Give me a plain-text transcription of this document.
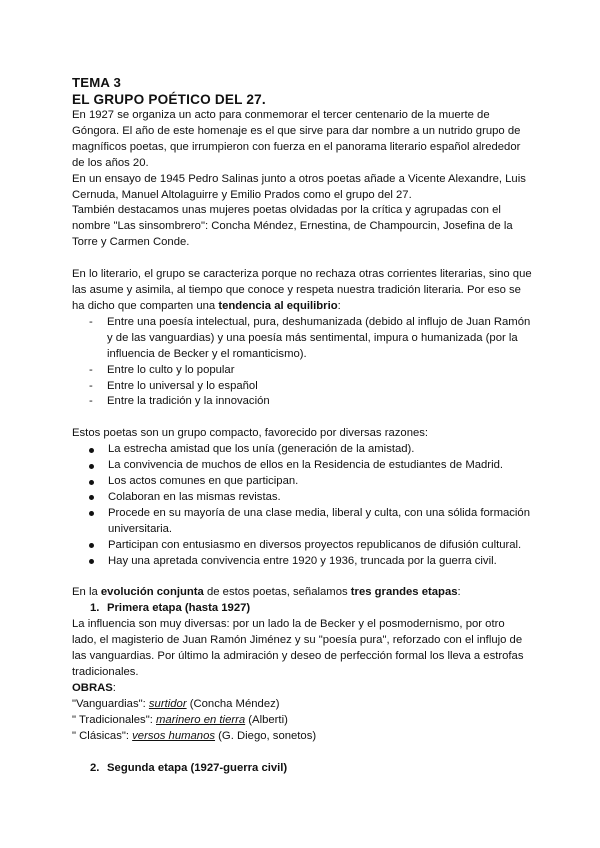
TEMA 3
EL GRUPO POÉTICO DEL 27.

En 1927 se organiza un acto para conmemorar el tercer centenario de la muerte de Góngora. El año de este homenaje es el que sirve para dar nombre a un nutrido grupo de magníficos poetas, que irrumpieron con fuerza en el panorama literario español alrededor de los años 20.

En un ensayo de 1945 Pedro Salinas junto a otros poetas añade a Vicente Alexandre, Luis Cernuda, Manuel Altolaguirre y Emilio Prados como el grupo del 27.

También destacamos unas mujeres poetas olvidadas por la crítica y agrupadas con el nombre "Las sinsombrero": Concha Méndez, Ernestina, de Champourcin, Josefina de la Torre y Carmen Conde.

En lo literario, el grupo se caracteriza porque no rechaza otras corrientes literarias, sino que las asume y asimila, al tiempo que conoce y respeta nuestra tradición literaria. Por eso se ha dicho que comparten una tendencia al equilibrio:

- Entre una poesía intelectual, pura, deshumanizada (debido al influjo de Juan Ramón y de las vanguardias) y una poesía más sentimental, impura o humanizada (por la influencia de Becker y el romanticismo).
- Entre lo culto y lo popular
- Entre lo universal y lo español
- Entre la tradición y la innovación

Estos poetas son un grupo compacto, favorecido por diversas razones:

La estrecha amistad que los unía (generación de la amistad).
La convivencia de muchos de ellos en la Residencia de estudiantes de Madrid.
Los actos comunes en que participan.
Colaboran en las mismas revistas.
Procede en su mayoría de una clase media, liberal y culta, con una sólida formación universitaria.
Participan con entusiasmo en diversos proyectos republicanos de difusión cultural.
Hay una apretada convivencia entre 1920 y 1936, truncada por la guerra civil.

En la evolución conjunta de estos poetas, señalamos tres grandes etapas:

1. Primera etapa (hasta 1927)

La influencia son muy diversas: por un lado la de Becker y el posmodernismo, por otro lado, el magisterio de Juan Ramón Jiménez y su "poesía pura", reforzado con el influjo de las vanguardias. Por último la admiración y deseo de perfección formal los lleva a estrofas tradicionales.

OBRAS:

"Vanguardias": surtidor (Concha Méndez)

" Tradicionales": marinero en tierra (Alberti)

" Clásicas": versos humanos (G. Diego, sonetos)

2. Segunda etapa (1927-guerra civil)
